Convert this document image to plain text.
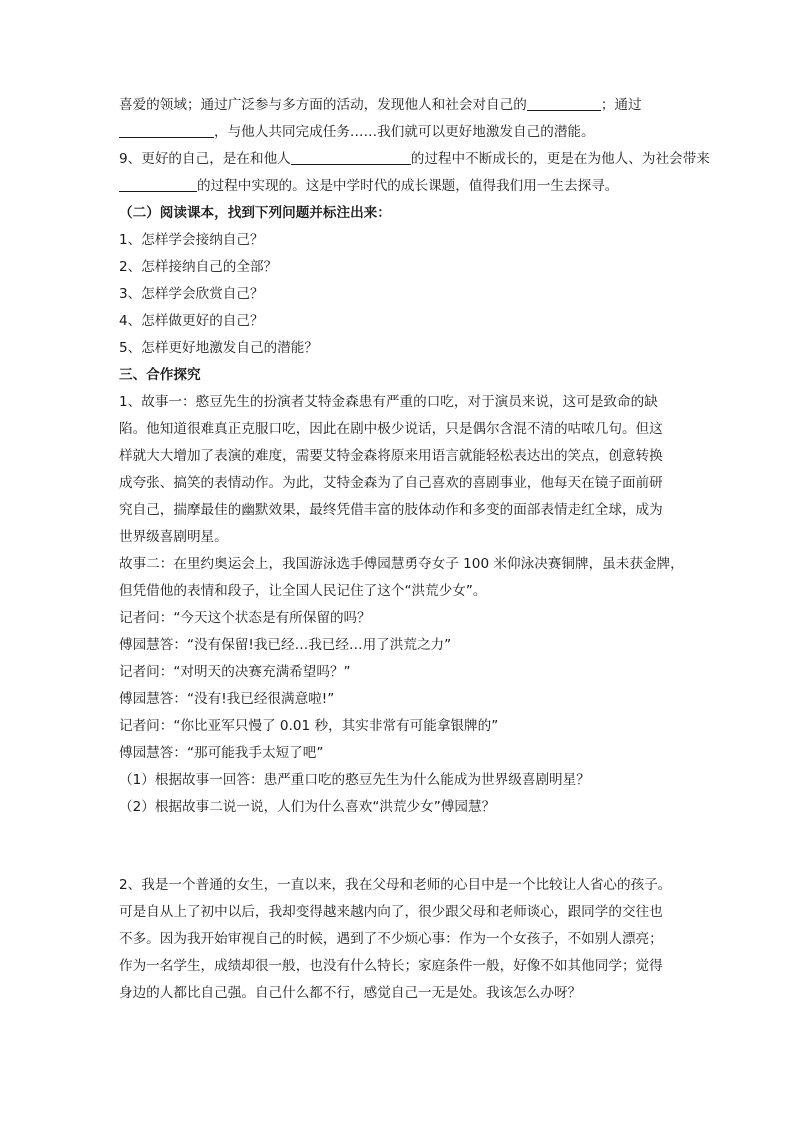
喜爱的领域；通过广泛参与多方面的活动，发现他人和社会对自己的	；通过
，与他人共同完成任务……我们就可以更好地激发自己的潜能。
9、更好的自己，是在和他人	的过程中不断成长的，更是在为他人、为社会带来
的过程中实现的。这是中学时代的成长课题，值得我们用一生去探寻。
（二）阅读课本，找到下列问题并标注出来：
1、怎样学会接纳自己？
2、怎样接纳自己的全部？
3、怎样学会欣赏自己？
4、怎样做更好的自己？
5、怎样更好地激发自己的潜能？
三、合作探究
1、故事一：憨豆先生的扮演者艾特金森患有严重的口吃，对于演员来说，这可是致命的缺
陷。他知道很难真正克服口吃，因此在剧中极少说话，只是偶尔含混不清的咕哝几句。但这
样就大大增加了表演的难度，需要艾特金森将原来用语言就能轻松表达出的笑点，创意转换
成夸张、搞笑的表情动作。为此，艾特金森为了自己喜欢的喜剧事业，他每天在镜子面前研
究自己，揣摩最佳的幽默效果，最终凭借丰富的肢体动作和多变的面部表情走红全球，成为
世界级喜剧明星。
故事二：在里约奥运会上，我国游泳选手傅园慧勇夺女子 100 米仰泳决赛铜牌，虽未获金牌，
但凭借他的表情和段子，让全国人民记住了这个“洪荒少女”。
记者问：“今天这个状态是有所保留的吗？
傅园慧答：“没有保留!我已经…我已经…用了洪荒之力”
记者问：“对明天的决赛充满希望吗？”
傅园慧答：“没有!我已经很满意啦!”
记者问：“你比亚军只慢了 0.01 秒，其实非常有可能拿银牌的”
傅园慧答：“那可能我手太短了吧”
（1）根据故事一回答：患严重口吃的憨豆先生为什么能成为世界级喜剧明星？
（2）根据故事二说一说，人们为什么喜欢“洪荒少女”傅园慧？
2、我是一个普通的女生，一直以来，我在父母和老师的心目中是一个比较让人省心的孩子。
可是自从上了初中以后，我却变得越来越内向了，很少跟父母和老师谈心，跟同学的交往也
不多。因为我开始审视自己的时候，遇到了不少烦心事：作为一个女孩子，不如别人漂亮；
作为一名学生，成绩却很一般，也没有什么特长；家庭条件一般，好像不如其他同学；觉得
身边的人都比自己强。自己什么都不行，感觉自己一无是处。我该怎么办呀？
